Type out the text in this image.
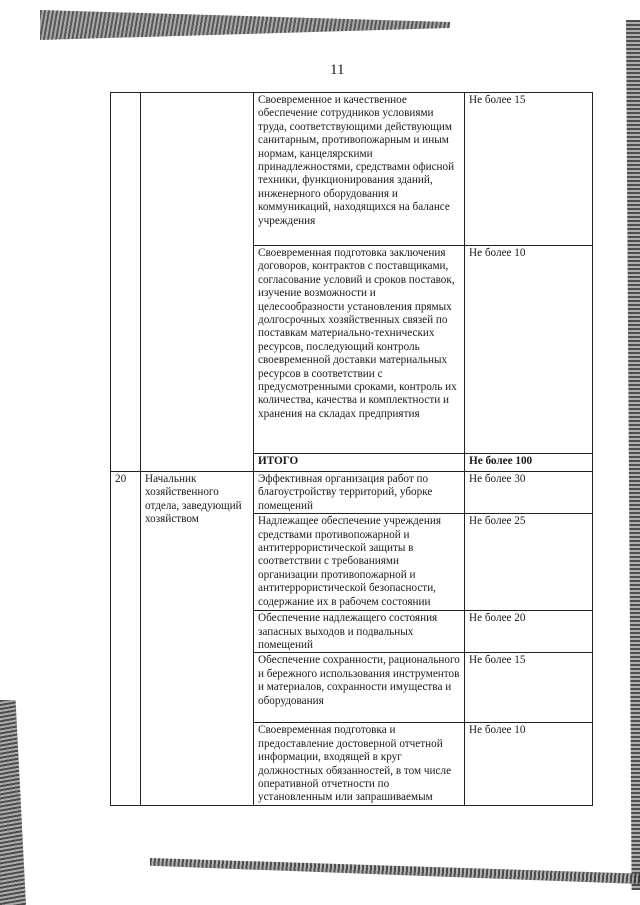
11
		Своевременное и качественное обеспечение сотрудников условиями труда, соответствующими действующим санитарным, противопожарным и иным нормам, канцелярскими принадлежностями, средствами офисной техники, функционирования зданий, инженерного оборудования и коммуникаций, находящихся на балансе учреждения	Не более 15
		Своевременная подготовка заключения договоров, контрактов с поставщиками, согласование условий и сроков поставок, изучение возможности и целесообразности установления прямых долгосрочных хозяйственных связей по поставкам материально-технических ресурсов, последующий контроль своевременной доставки материальных ресурсов в соответствии с предусмотренными сроками, контроль их количества, качества и комплектности и хранения на складах предприятия	Не более 10
		ИТОГО	Не более 100
20	Начальник хозяйственного отдела, заведующий хозяйством	Эффективная организация работ по благоустройству территорий, уборке помещений	Не более 30
		Надлежащее обеспечение учреждения средствами противопожарной и антитеррористической защиты в соответствии с требованиями организации противопожарной и антитеррористической безопасности, содержание их в рабочем состоянии	Не более 25
		Обеспечение надлежащего состояния запасных выходов и подвальных помещений	Не более 20
		Обеспечение сохранности, рационального и бережного использования инструментов и материалов, сохранности имущества и оборудования	Не более 15
		Своевременная подготовка и предоставление достоверной отчетной информации, входящей в круг должностных обязанностей, в том числе оперативной отчетности по установленным или запрашиваемым	Не более 10
